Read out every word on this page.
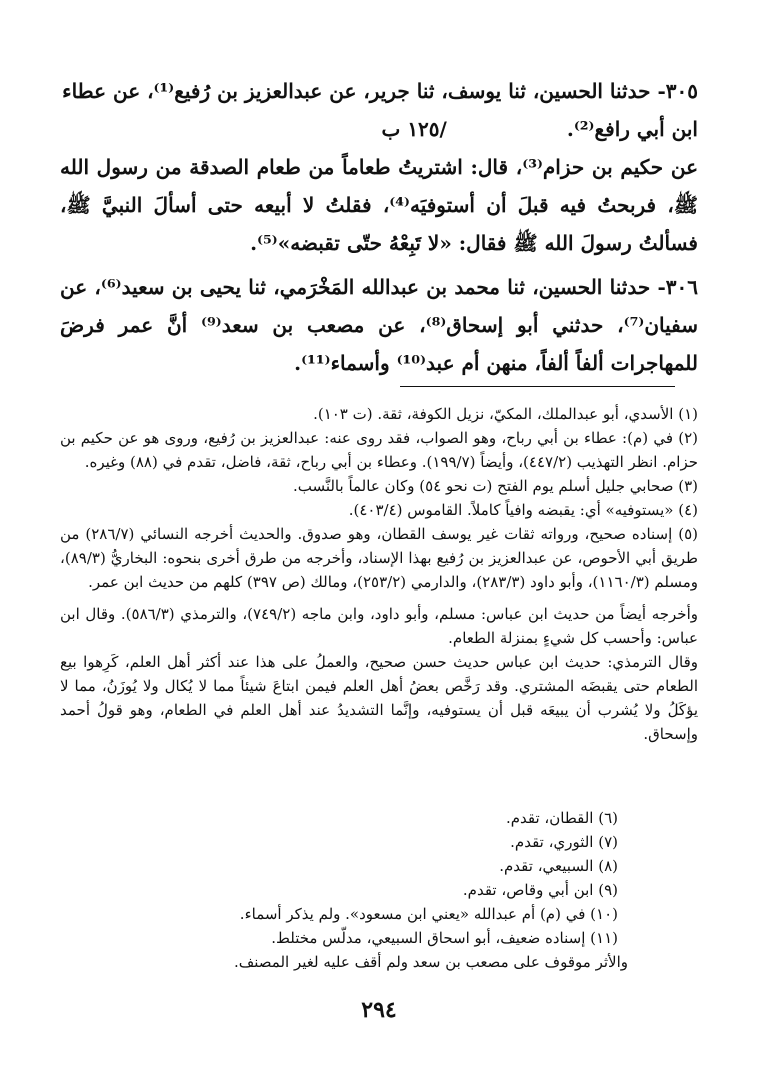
٣٠٥- حدثنا الحسين، ثنا يوسف، ثنا جرير، عن عبدالعزيز بن رُفيع⁽¹⁾، عن عطاء

ابن أبي رافع⁽²⁾./١٢٥ ب

عن حكيم بن حزام⁽³⁾، قال: اشتريتُ طعاماً من طعام الصدقة من رسول الله ﷺ، فربحتُ فيه قبلَ أن أستوفيَه⁽⁴⁾، فقلتُ لا أبيعه حتى أسألَ النبيَّ ﷺ، فسألتُ رسولَ الله ﷺ فقال: «لا تَبِعْهُ حتّى تقبضه»⁽⁵⁾.

٣٠٦- حدثنا الحسين، ثنا محمد بن عبدالله المَخْرَمي، ثنا يحيى بن سعيد⁽⁶⁾، عن سفيان⁽⁷⁾، حدثني أبو إسحاق⁽⁸⁾، عن مصعب بن سعد⁽⁹⁾ أنَّ عمر فرضَ للمهاجرات ألفاً ألفاً، منهن أم عبد⁽¹⁰⁾ وأسماء⁽¹¹⁾.

(١) الأسدي، أبو عبدالملك، المكيّ، نزيل الكوفة، ثقة. (ت ١٠٣).

(٢) في (م): عطاء بن أبي رباح، وهو الصواب، فقد روى عنه: عبدالعزيز بن رُفيع، وروى هو عن حكيم بن حزام. انظر التهذيب (٤٤٧/٢)، وأيضاً (١٩٩/٧). وعطاء بن أبي رباح، ثقة، فاضل، تقدم في (٨٨) وغيره.

(٣) صحابي جليل أسلم يوم الفتح (ت نحو ٥٤) وكان عالماً بالنَّسب.

(٤) «يستوفيه» أي: يقبضه وافياً كاملاً. القاموس (٤٠٣/٤).

(٥) إسناده صحيح، ورواته ثقات غير يوسف القطان، وهو صدوق. والحديث أخرجه النسائي (٢٨٦/٧) من طريق أبي الأحوص، عن عبدالعزيز بن رُفيع بهذا الإسناد، وأخرجه من طرق أخرى بنحوه: البخاريُّ (٨٩/٣)، ومسلم (١١٦٠/٣)، وأبو داود (٢٨٣/٣)، والدارمي (٢٥٣/٢)، ومالك (ص ٣٩٧) كلهم من حديث ابن عمر.

وأخرجه أيضاً من حديث ابن عباس: مسلم، وأبو داود، وابن ماجه (٧٤٩/٢)، والترمذي (٥٨٦/٣). وقال ابن عباس: وأحسب كل شيءٍ بمنزلة الطعام.

وقال الترمذي: حديث ابن عباس حديث حسن صحيح، والعملُ على هذا عند أكثر أهل العلم، كَرِهوا بيع الطعام حتى يقبضَه المشتري. وقد رَخَّص بعضُ أهل العلم فيمن ابتاعَ شيئاً مما لا يُكال ولا يُوزَنُ، مما لا يؤكَلُ ولا يُشرب أن يبيعَه قبل أن يستوفيه، وإنَّما التشديدُ عند أهل العلم في الطعام، وهو قولُ أحمد وإسحاق.

(٦) القطان، تقدم.

(٧) الثوري، تقدم.

(٨) السبيعي، تقدم.

(٩) ابن أبي وقاص، تقدم.

(١٠) في (م) أم عبدالله «يعني ابن مسعود». ولم يذكر أسماء.

(١١) إسناده ضعيف، أبو اسحاق السبيعي، مدلّس مختلط.

والأثر موقوف على مصعب بن سعد ولم أقف عليه لغير المصنف.

٢٩٤
